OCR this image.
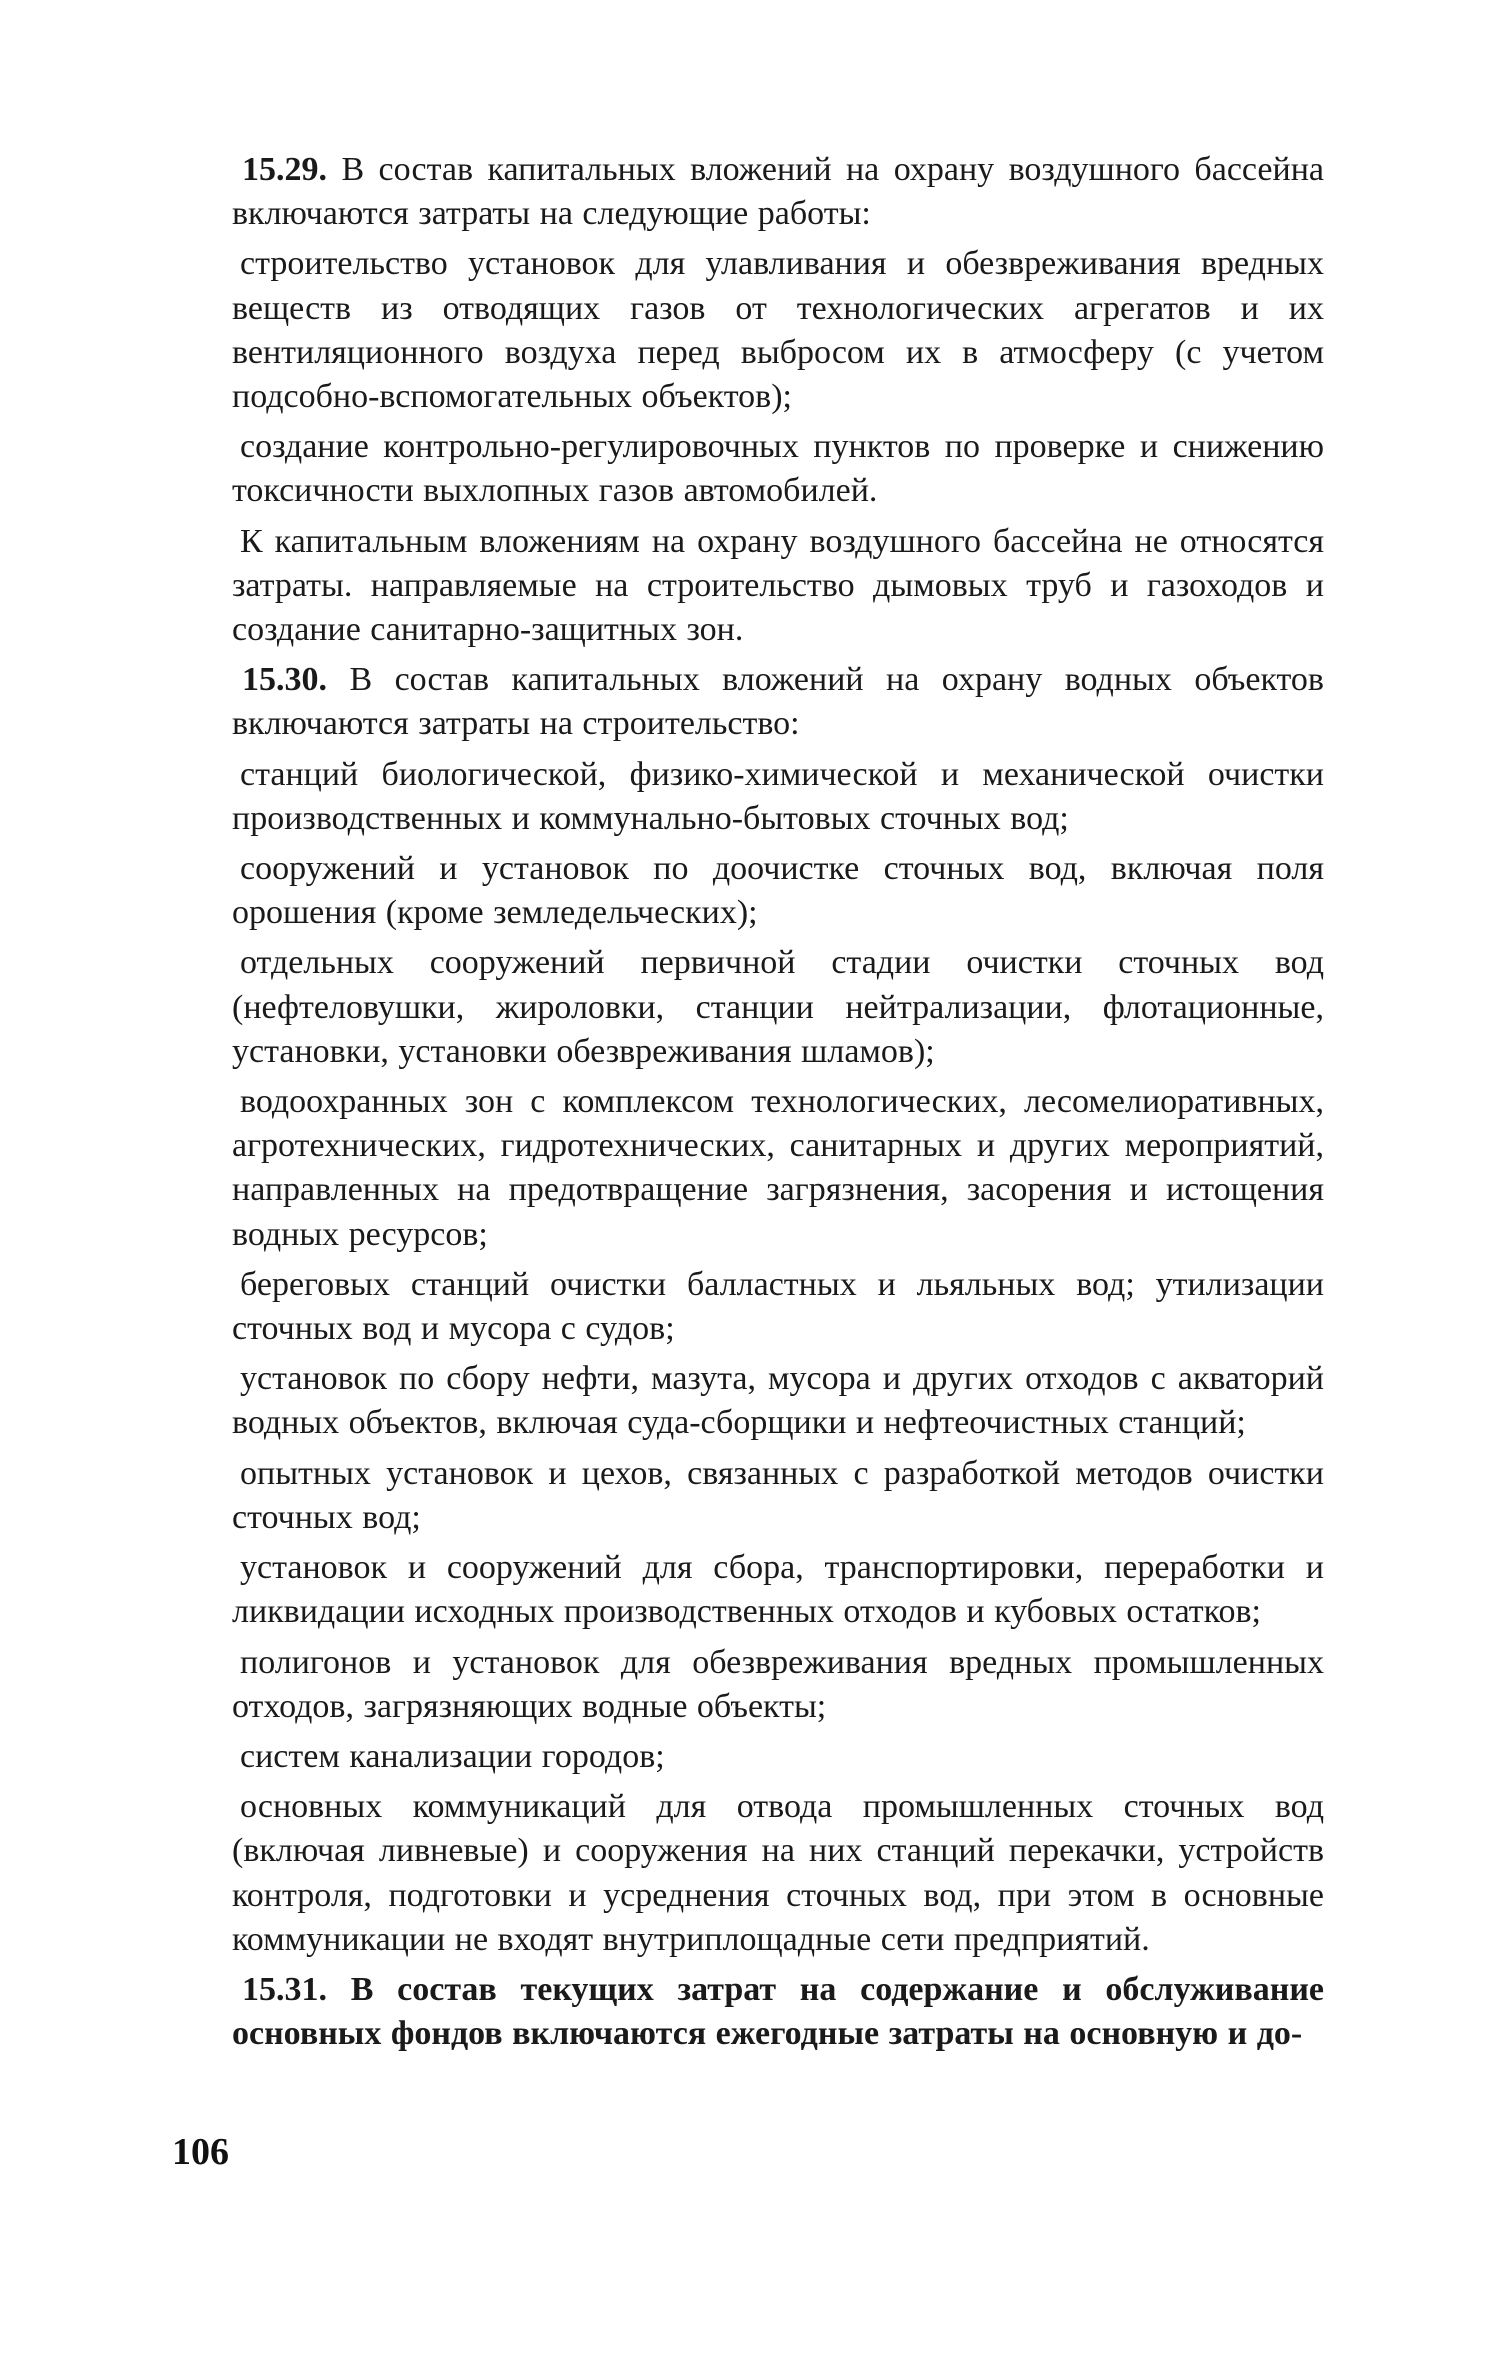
15.29. В состав капитальных вложений на охрану воздушного бассейна включаются затраты на следующие работы:

строительство установок для улавливания и обезвреживания вредных веществ из отводящих газов от технологических агрегатов и их вентиляционного воздуха перед выбросом их в атмосферу (с учетом подсобно-вспомогательных объектов);

создание контрольно-регулировочных пунктов по проверке и снижению токсичности выхлопных газов автомобилей.

К капитальным вложениям на охрану воздушного бассейна не относятся затраты. направляемые на строительство дымовых труб и газоходов и создание санитарно-защитных зон.

15.30. В состав капитальных вложений на охрану водных объектов включаются затраты на строительство:

станций биологической, физико-химической и механической очистки производственных и коммунально-бытовых сточных вод;

сооружений и установок по доочистке сточных вод, включая поля орошения (кроме земледельческих);

отдельных сооружений первичной стадии очистки сточных вод (нефтеловушки, жироловки, станции нейтрализации, флотационные, установки, установки обезвреживания шламов);

водоохранных зон с комплексом технологических, лесомелиоративных, агротехнических, гидротехнических, санитарных и других мероприятий, направленных на предотвращение загрязнения, засорения и истощения водных ресурсов;

береговых станций очистки балластных и льяльных вод; утилизации сточных вод и мусора с судов;

установок по сбору нефти, мазута, мусора и других отходов с акваторий водных объектов, включая суда-сборщики и нефтеочистных станций;

опытных установок и цехов, связанных с разработкой методов очистки сточных вод;

установок и сооружений для сбора, транспортировки, переработки и ликвидации исходных производственных отходов и кубовых остатков;

полигонов и установок для обезвреживания вредных промышленных отходов, загрязняющих водные объекты;

систем канализации городов;

основных коммуникаций для отвода промышленных сточных вод (включая ливневые) и сооружения на них станций перекачки, устройств контроля, подготовки и усреднения сточных вод, при этом в основные коммуникации не входят внутриплощадные сети предприятий.

15.31. В состав текущих затрат на содержание и обслуживание основных фондов включаются ежегодные затраты на основную и до-

106
